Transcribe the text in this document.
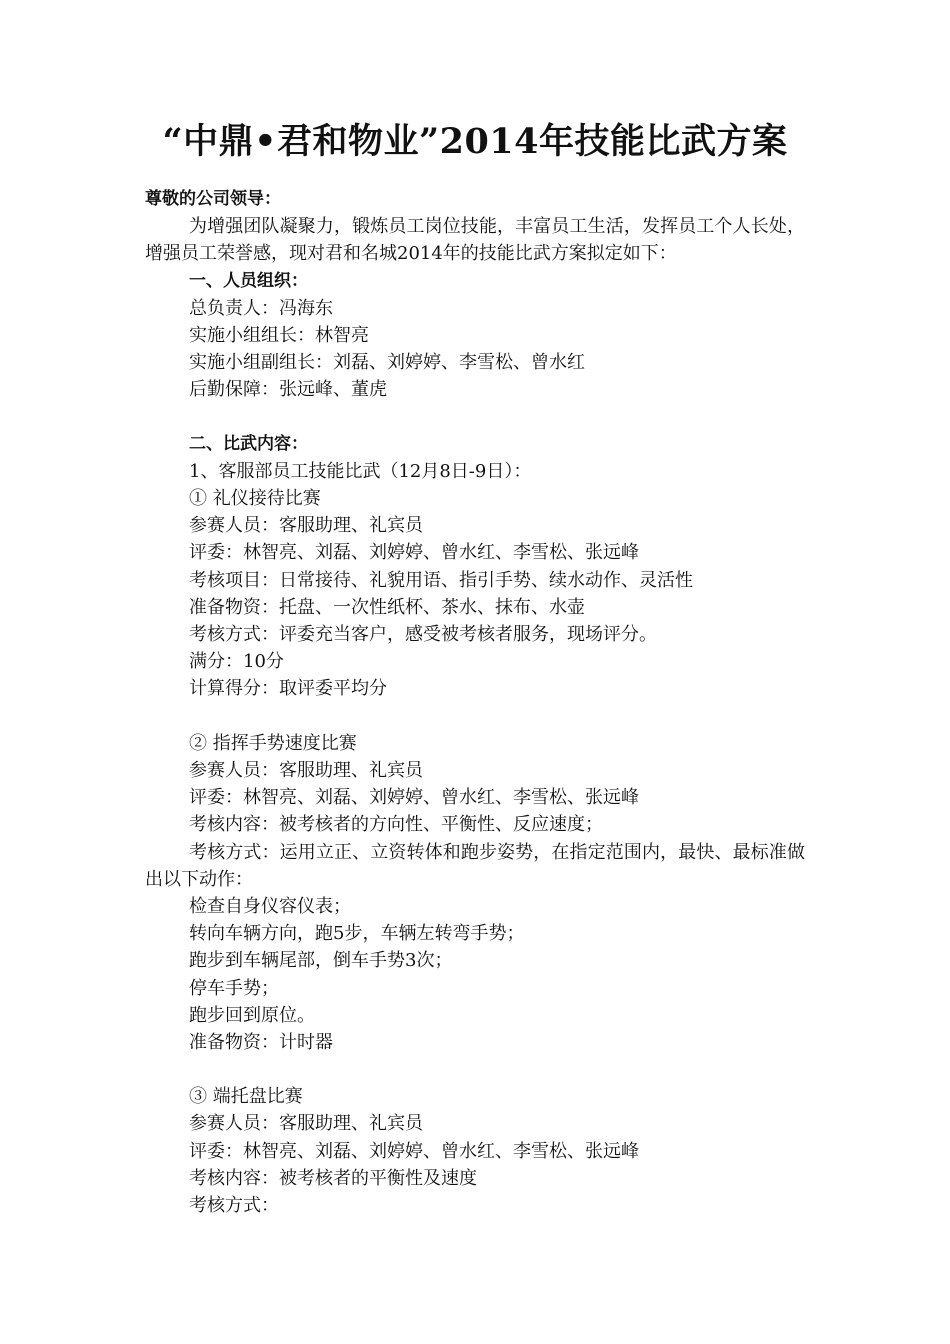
“中鼎•君和物业”2014年技能比武方案
尊敬的公司领导：
为增强团队凝聚力，锻炼员工岗位技能，丰富员工生活，发挥员工个人长处，增强员工荣誉感，现对君和名城2014年的技能比武方案拟定如下：
一、人员组织：
总负责人：冯海东
实施小组组长：林智亮
实施小组副组长：刘磊、刘婷婷、李雪松、曾水红
后勤保障：张远峰、董虎
二、比武内容：
1、客服部员工技能比武（12月8日-9日）：
① 礼仪接待比赛
参赛人员：客服助理、礼宾员
评委：林智亮、刘磊、刘婷婷、曾水红、李雪松、张远峰
考核项目：日常接待、礼貌用语、指引手势、续水动作、灵活性
准备物资：托盘、一次性纸杯、茶水、抹布、水壶
考核方式：评委充当客户，感受被考核者服务，现场评分。
满分：10分
计算得分：取评委平均分
② 指挥手势速度比赛
参赛人员：客服助理、礼宾员
评委：林智亮、刘磊、刘婷婷、曾水红、李雪松、张远峰
考核内容：被考核者的方向性、平衡性、反应速度；
考核方式：运用立正、立资转体和跑步姿势，在指定范围内，最快、最标准做出以下动作：
检查自身仪容仪表；
转向车辆方向，跑5步，车辆左转弯手势；
跑步到车辆尾部，倒车手势3次；
停车手势；
跑步回到原位。
准备物资：计时器
③ 端托盘比赛
参赛人员：客服助理、礼宾员
评委：林智亮、刘磊、刘婷婷、曾水红、李雪松、张远峰
考核内容：被考核者的平衡性及速度
考核方式：
